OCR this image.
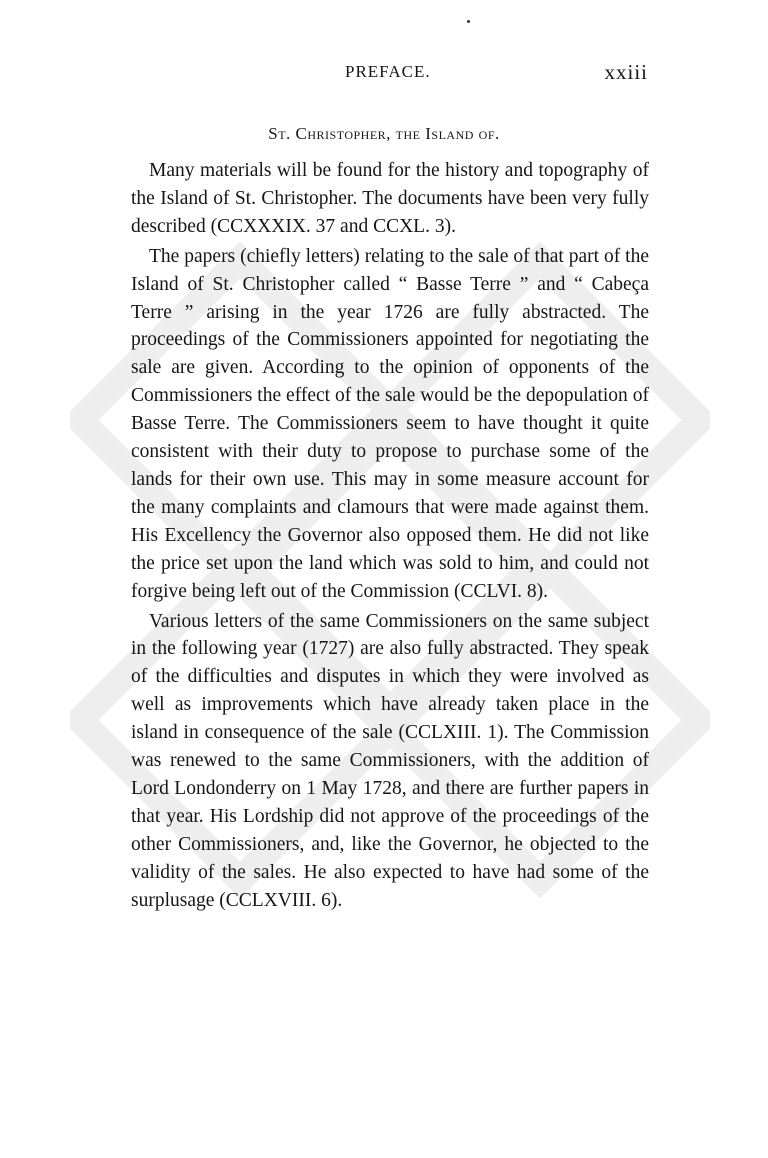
PREFACE.	xxiii
St. Christopher, the Island of.

Many materials will be found for the history and topography of the Island of St. Christopher. The documents have been very fully described (CCXXXIX. 37 and CCXL. 3).

The papers (chiefly letters) relating to the sale of that part of the Island of St. Christopher called “ Basse Terre ” and “ Cabeça Terre ” arising in the year 1726 are fully abstracted. The proceedings of the Commissioners appointed for negotiating the sale are given. According to the opinion of opponents of the Commissioners the effect of the sale would be the depopulation of Basse Terre. The Commissioners seem to have thought it quite consistent with their duty to propose to purchase some of the lands for their own use. This may in some measure account for the many complaints and clamours that were made against them. His Excellency the Governor also opposed them. He did not like the price set upon the land which was sold to him, and could not forgive being left out of the Commission (CCLVI. 8).

Various letters of the same Commissioners on the same subject in the following year (1727) are also fully abstracted. They speak of the difficulties and disputes in which they were involved as well as improvements which have already taken place in the island in consequence of the sale (CCLXIII. 1). The Commission was renewed to the same Commissioners, with the addition of Lord Londonderry on 1 May 1728, and there are further papers in that year. His Lordship did not approve of the proceedings of the other Commissioners, and, like the Governor, he objected to the validity of the sales. He also expected to have had some of the surplusage (CCLXVIII. 6).
